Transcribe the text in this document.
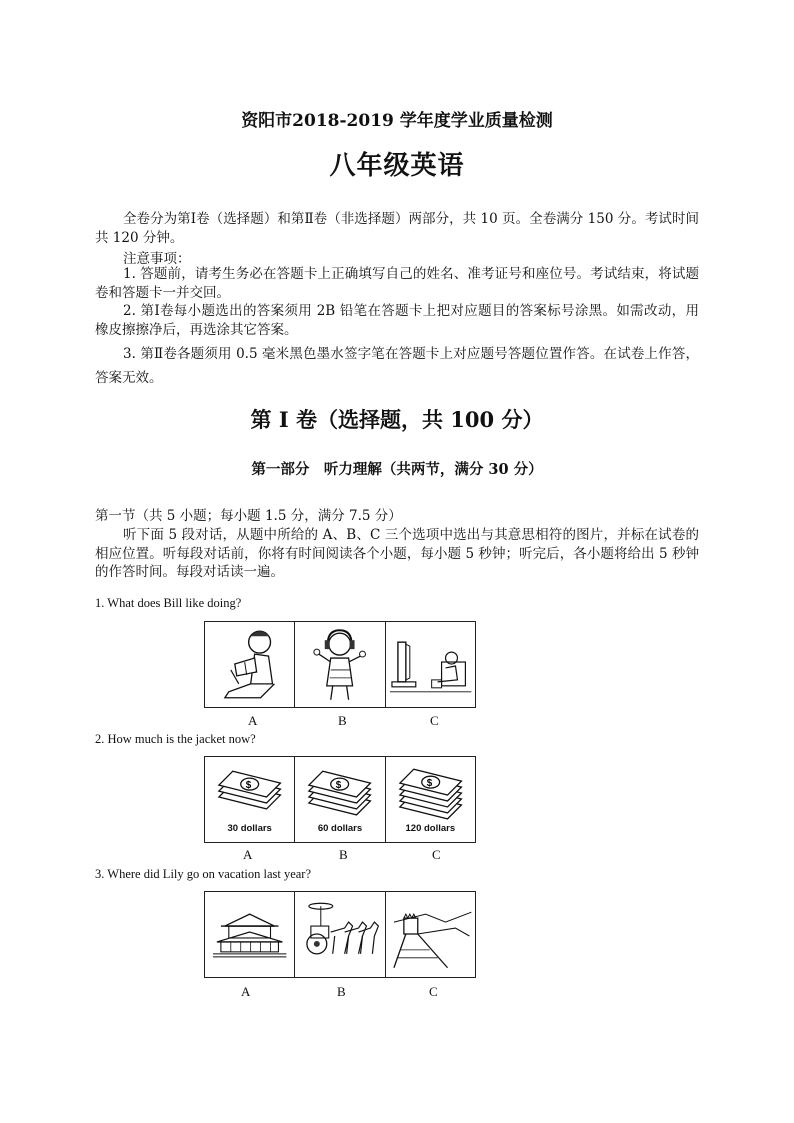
资阳市2018-2019 学年度学业质量检测
八年级英语
全卷分为第Ⅰ卷（选择题）和第Ⅱ卷（非选择题）两部分，共 10 页。全卷满分 150 分。考试时间共 120 分钟。
注意事项：
1. 答题前，请考生务必在答题卡上正确填写自己的姓名、准考证号和座位号。考试结束，将试题卷和答题卡一并交回。
2. 第Ⅰ卷每小题选出的答案须用 2B 铅笔在答题卡上把对应题目的答案标号涂黑。如需改动，用橡皮擦擦净后，再选涂其它答案。
3. 第Ⅱ卷各题须用 0.5 毫米黑色墨水签字笔在答题卡上对应题号答题位置作答。在试卷上作答，答案无效。
第 I 卷（选择题，共 100 分）
第一部分　听力理解（共两节，满分 30 分）
第一节（共 5 小题；每小题 1.5 分，满分 7.5 分）
听下面 5 段对话，从题中所给的 A、B、C 三个选项中选出与其意思相符的图片，并标在试卷的相应位置。听每段对话前，你将有时间阅读各个小题，每小题 5 秒钟；听完后，各小题将给出 5 秒钟的作答时间。每段对话读一遍。
1. What does Bill like doing?
A	B	C
2. How much is the jacket now?
$
30 dollars
$
60 dollars
$
120 dollars
A	B	C
3. Where did Lily go on vacation last year?
A	B	C
